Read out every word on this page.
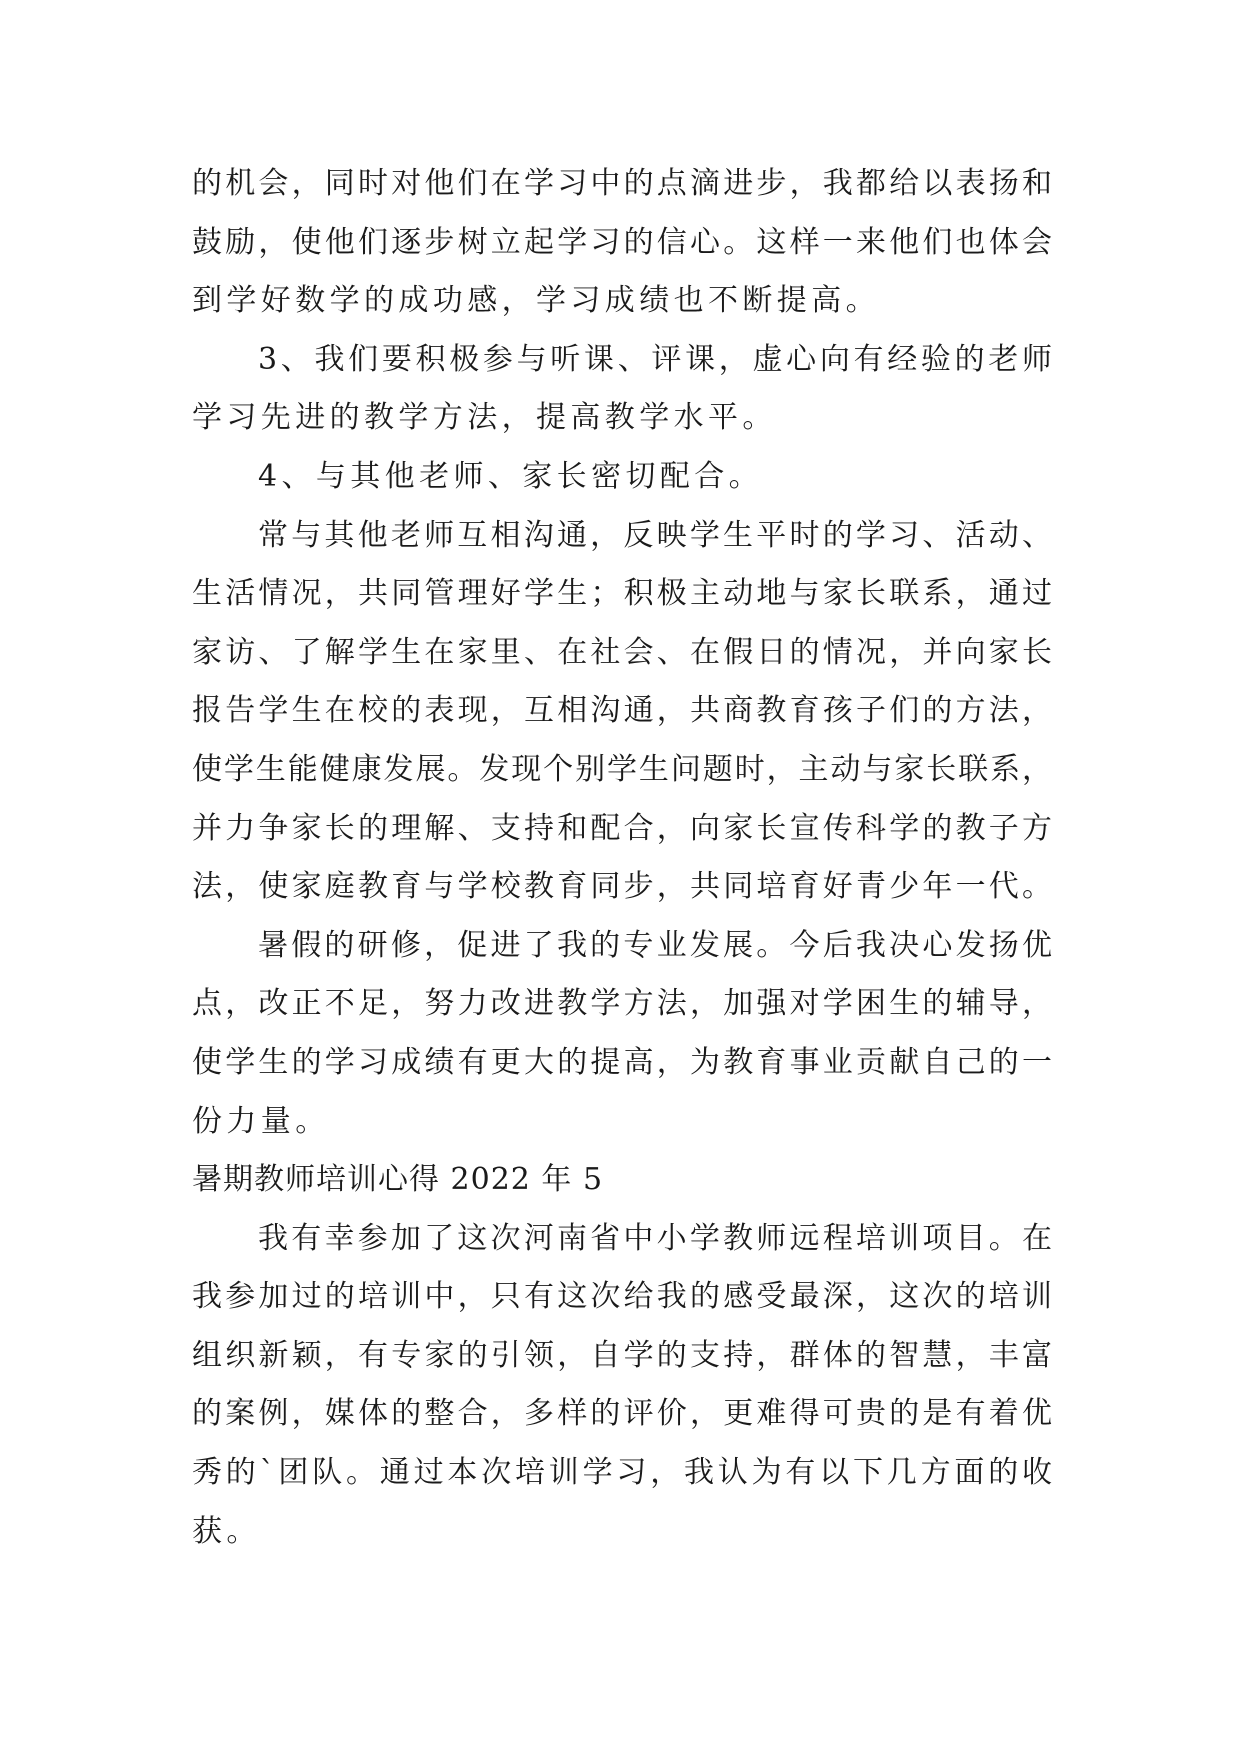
的机会，同时对他们在学习中的点滴进步，我都给以表扬和
鼓励，使他们逐步树立起学习的信心。这样一来他们也体会
到学好数学的成功感，学习成绩也不断提高。
3、我们要积极参与听课、评课，虚心向有经验的老师
学习先进的教学方法，提高教学水平。
4、与其他老师、家长密切配合。
常与其他老师互相沟通，反映学生平时的学习、活动、
生活情况，共同管理好学生；积极主动地与家长联系，通过
家访、了解学生在家里、在社会、在假日的情况，并向家长
报告学生在校的表现，互相沟通，共商教育孩子们的方法，
使学生能健康发展。发现个别学生问题时，主动与家长联系，
并力争家长的理解、支持和配合，向家长宣传科学的教子方
法，使家庭教育与学校教育同步，共同培育好青少年一代。
暑假的研修，促进了我的专业发展。今后我决心发扬优
点，改正不足，努力改进教学方法，加强对学困生的辅导，
使学生的学习成绩有更大的提高，为教育事业贡献自己的一
份力量。
暑期教师培训心得 2022 年 5
我有幸参加了这次河南省中小学教师远程培训项目。在
我参加过的培训中，只有这次给我的感受最深，这次的培训
组织新颖，有专家的引领，自学的支持，群体的智慧，丰富
的案例，媒体的整合，多样的评价，更难得可贵的是有着优
秀的`团队。通过本次培训学习，我认为有以下几方面的收
获。
